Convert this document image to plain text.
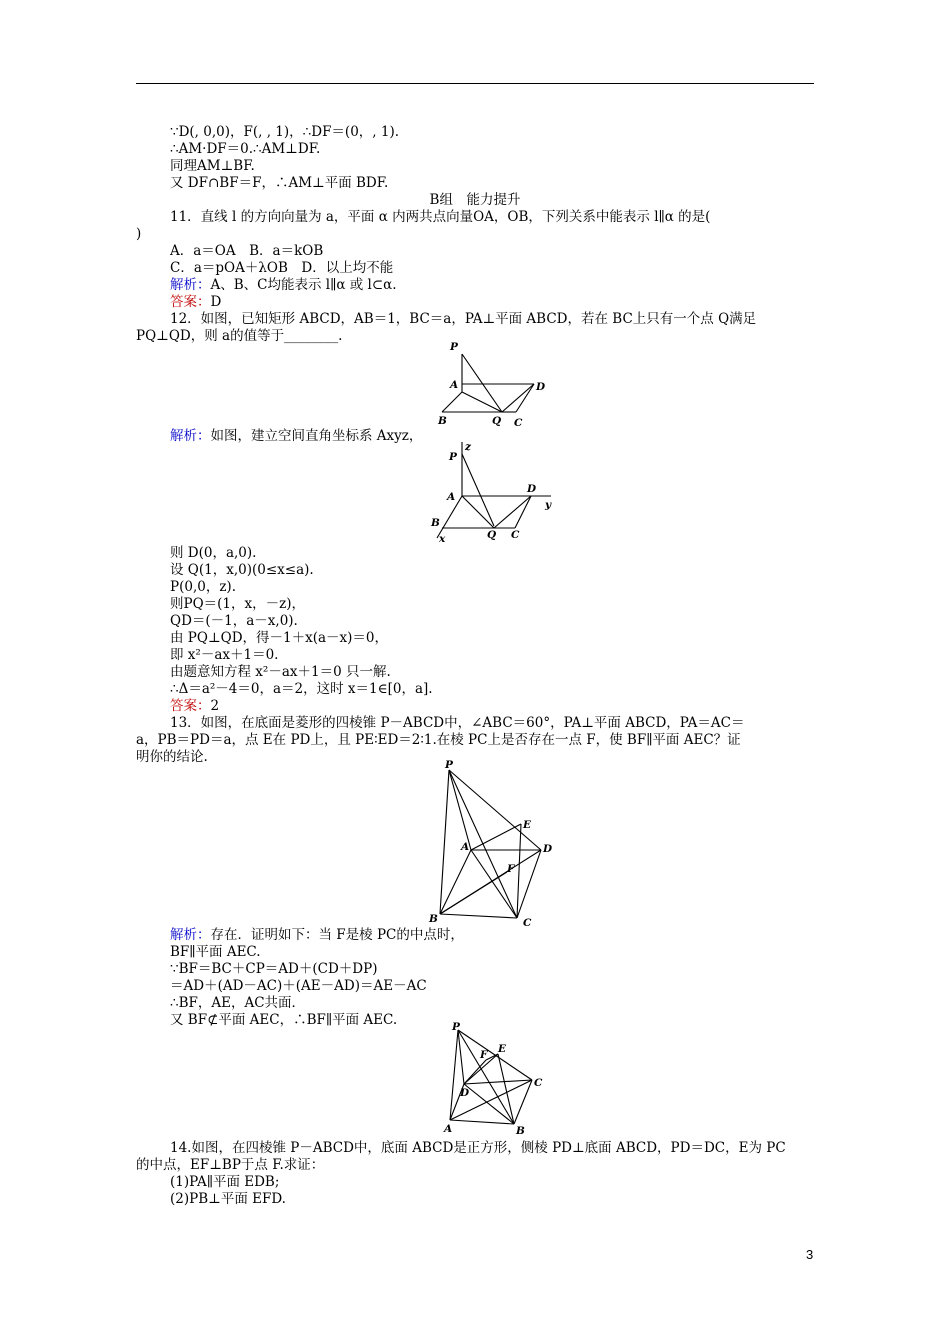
∵D(, 0,0)，F(, , 1)，∴DF＝(0，, 1).
∴AM·DF＝0.∴AM⊥DF.
同理AM⊥BF.
又 DF∩BF＝F，∴AM⊥平面 BDF.
B组　能力提升
11．直线 l 的方向向量为 a，平面 α 内两共点向量OA，OB，下列关系中能表示 l∥α 的是(
)
A．a＝OA　B．a＝kOB
C．a＝pOA＋λOB　D．以上均不能
解析：A、B、C均能表示 l∥α 或 l⊂α.
答案：D
12．如图，已知矩形 ABCD，AB＝1，BC＝a，PA⊥平面 ABCD，若在 BC上只有一个点 Q满足
PQ⊥QD，则 a的值等于________.
P
A
B	Q C
D
解析：如图，建立空间直角坐标系 Axyz，
z
P
A
D
y
B
x	Q C
则 D(0，a,0).
设 Q(1，x,0)(0≤x≤a).
P(0,0，z).
则PQ＝(1，x，－z)，
QD＝(－1，a－x,0).
由 PQ⊥QD，得－1＋x(a－x)＝0，
即 x²－ax＋1＝0.
由题意知方程 x²－ax＋1＝0 只一解.
∴Δ＝a²－4＝0，a＝2，这时 x＝1∈[0，a].
答案：2
13．如图，在底面是菱形的四棱锥 P－ABCD中，∠ABC＝60°，PA⊥平面 ABCD，PA＝AC＝
a，PB＝PD＝a，点 E在 PD上，且 PE∶ED＝2∶1.在棱 PC上是否存在一点 F，使 BF∥平面 AEC？证
明你的结论.	P
E
A	D
F
B	C
解析：存在．证明如下：当 F是棱 PC的中点时，
BF∥平面 AEC.
∵BF＝BC＋CP＝AD＋(CD＋DP)
＝AD＋(AD－AC)＋(AE－AD)＝AE－AC
∴BF，AE，AC共面．
又 BF⊄平面 AEC，∴BF∥平面 AEC.	P
F E
C
D
A	B
14.如图，在四棱锥 P－ABCD中，底面 ABCD是正方形，侧棱 PD⊥底面 ABCD，PD＝DC，E为 PC
的中点，EF⊥BP于点 F.求证：
(1)PA∥平面 EDB;
(2)PB⊥平面 EFD.
3
